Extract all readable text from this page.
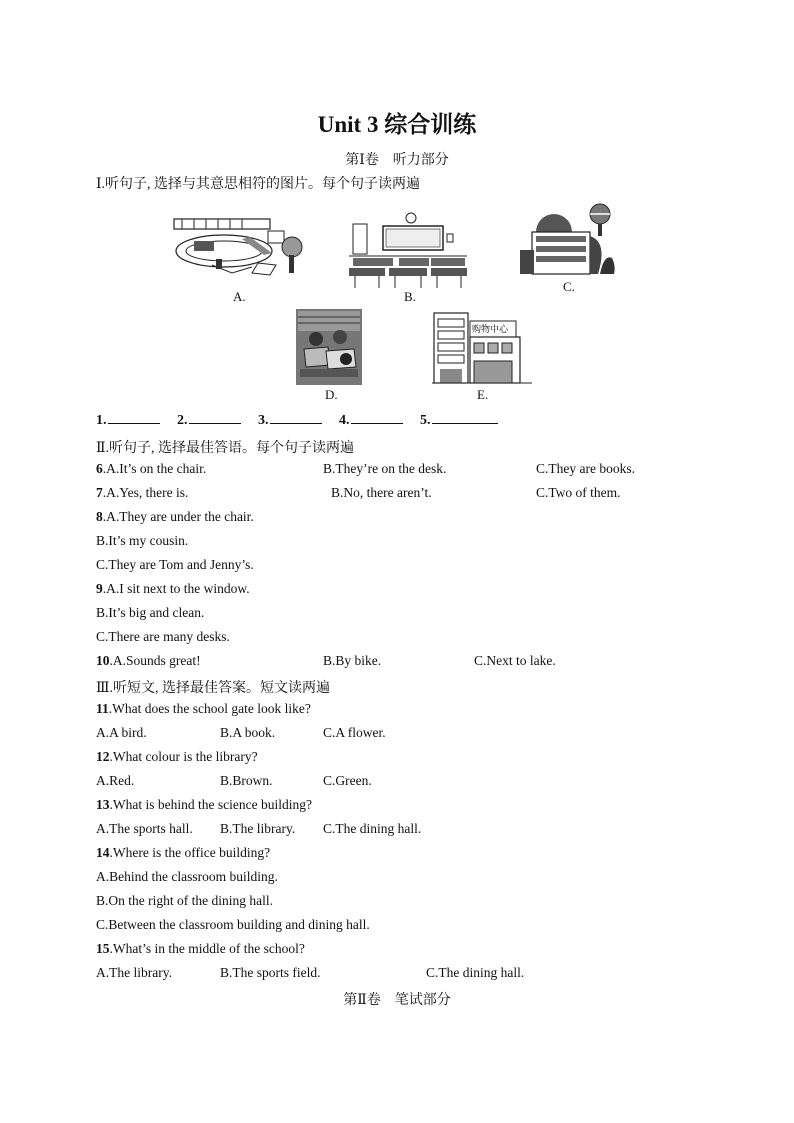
Unit 3 综合训练
第Ⅰ卷　听力部分
Ⅰ.听句子, 选择与其意思相符的图片。每个句子读两遍
A.	B.
C.
D.
购物中心
E.
1.	2.	3.	4.	5.
Ⅱ.听句子, 选择最佳答语。每个句子读两遍
6.A.It’s on the chair.	B.They’re on the desk.	C.They are books.
7.A.Yes, there is.	B.No, there aren’t.	C.Two of them.
8.A.They are under the chair.
B.It’s my cousin.
C.They are Tom and Jenny’s.
9.A.I sit next to the window.
B.It’s big and clean.
C.There are many desks.
10.A.Sounds great!	B.By bike.	C.Next to lake.
Ⅲ.听短文, 选择最佳答案。短文读两遍
11.What does the school gate look like?
A.A bird.	B.A book.	C.A flower.
12.What colour is the library?
A.Red.	B.Brown.	C.Green.
13.What is behind the science building?
A.The sports hall. B.The library. C.The dining hall.
14.Where is the office building?
A.Behind the classroom building.
B.On the right of the dining hall.
C.Between the classroom building and dining hall.
15.What’s in the middle of the school?
A.The library.	B.The sports field.	C.The dining hall.
第Ⅱ卷　笔试部分
